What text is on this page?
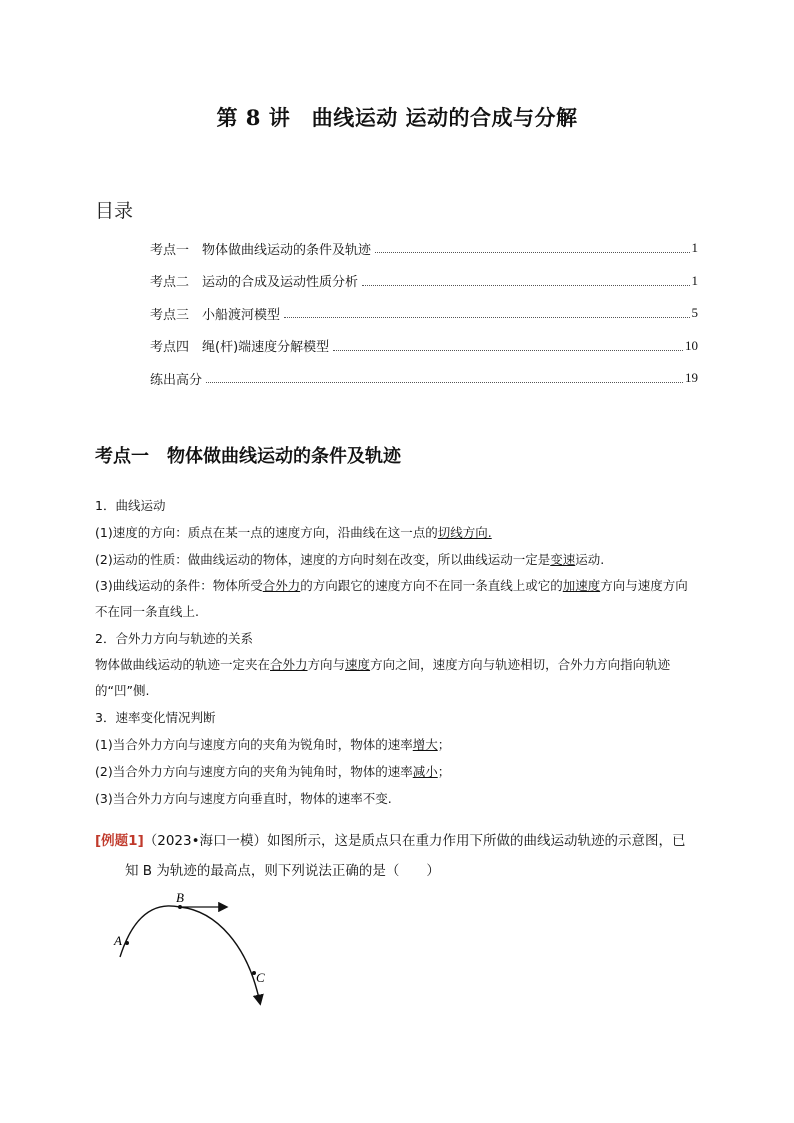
第 8 讲　曲线运动 运动的合成与分解
目录
考点一　物体做曲线运动的条件及轨迹	1
考点二　运动的合成及运动性质分析	1
考点三　小船渡河模型	5
考点四　绳(杆)端速度分解模型	10
练出高分	19
考点一　物体做曲线运动的条件及轨迹
1．曲线运动
(1)速度的方向：质点在某一点的速度方向，沿曲线在这一点的切线方向.
(2)运动的性质：做曲线运动的物体，速度的方向时刻在改变，所以曲线运动一定是变速运动.
(3)曲线运动的条件：物体所受合外力的方向跟它的速度方向不在同一条直线上或它的加速度方向与速度方向不在同一条直线上.
2．合外力方向与轨迹的关系
物体做曲线运动的轨迹一定夹在合外力方向与速度方向之间，速度方向与轨迹相切，合外力方向指向轨迹的“凹”侧.
3．速率变化情况判断
(1)当合外力方向与速度方向的夹角为锐角时，物体的速率增大；
(2)当合外力方向与速度方向的夹角为钝角时，物体的速率减小；
(3)当合外力方向与速度方向垂直时，物体的速率不变.
[例题1]（2023•海口一模）如图所示，这是质点只在重力作用下所做的曲线运动轨迹的示意图，已
知 B 为轨迹的最高点，则下列说法正确的是（　　）
A
B
C
